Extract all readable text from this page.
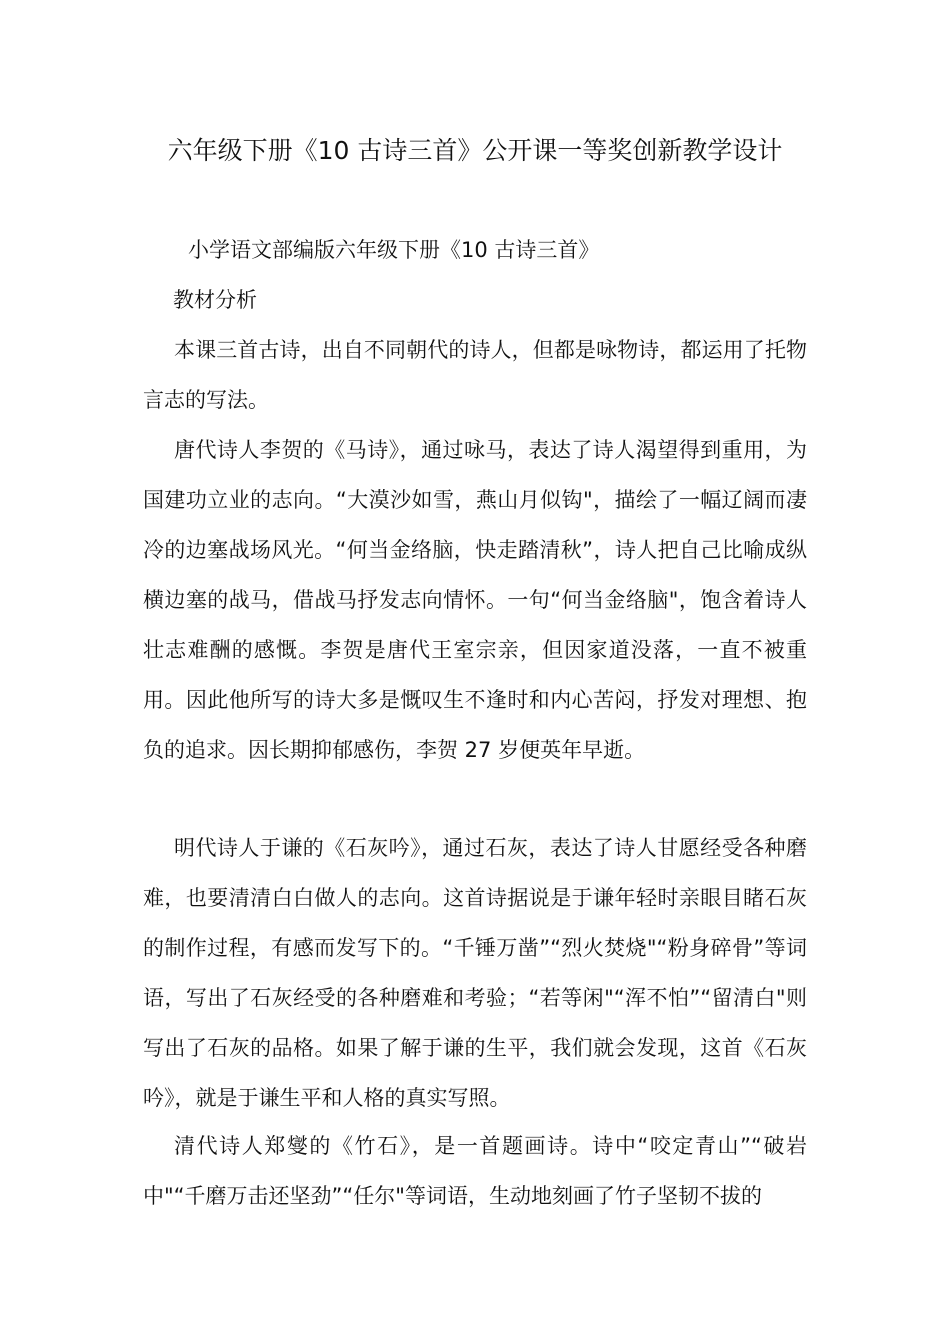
六年级下册《10 古诗三首》公开课一等奖创新教学设计

小学语文部编版六年级下册《10 古诗三首》

教材分析

本课三首古诗，出自不同朝代的诗人，但都是咏物诗，都运用了托物言志的写法。

唐代诗人李贺的《马诗》，通过咏马，表达了诗人渴望得到重用，为国建功立业的志向。“大漠沙如雪，燕山月似钩"，描绘了一幅辽阔而凄冷的边塞战场风光。“何当金络脑，快走踏清秋”，诗人把自己比喻成纵横边塞的战马，借战马抒发志向情怀。一句“何当金络脑"，饱含着诗人壮志难酬的感慨。李贺是唐代王室宗亲，但因家道没落，一直不被重用。因此他所写的诗大多是慨叹生不逢时和内心苦闷，抒发对理想、抱负的追求。因长期抑郁感伤，李贺 27 岁便英年早逝。

明代诗人于谦的《石灰吟》，通过石灰，表达了诗人甘愿经受各种磨难，也要清清白白做人的志向。这首诗据说是于谦年轻时亲眼目睹石灰的制作过程，有感而发写下的。“千锤万凿”“烈火焚烧"“粉身碎骨”等词语，写出了石灰经受的各种磨难和考验；“若等闲"“浑不怕”“留清白"则写出了石灰的品格。如果了解于谦的生平，我们就会发现，这首《石灰吟》，就是于谦生平和人格的真实写照。

清代诗人郑燮的《竹石》，是一首题画诗。诗中“咬定青山”“破岩中"“千磨万击还坚劲”“任尔"等词语，生动地刻画了竹子坚韧不拔的
